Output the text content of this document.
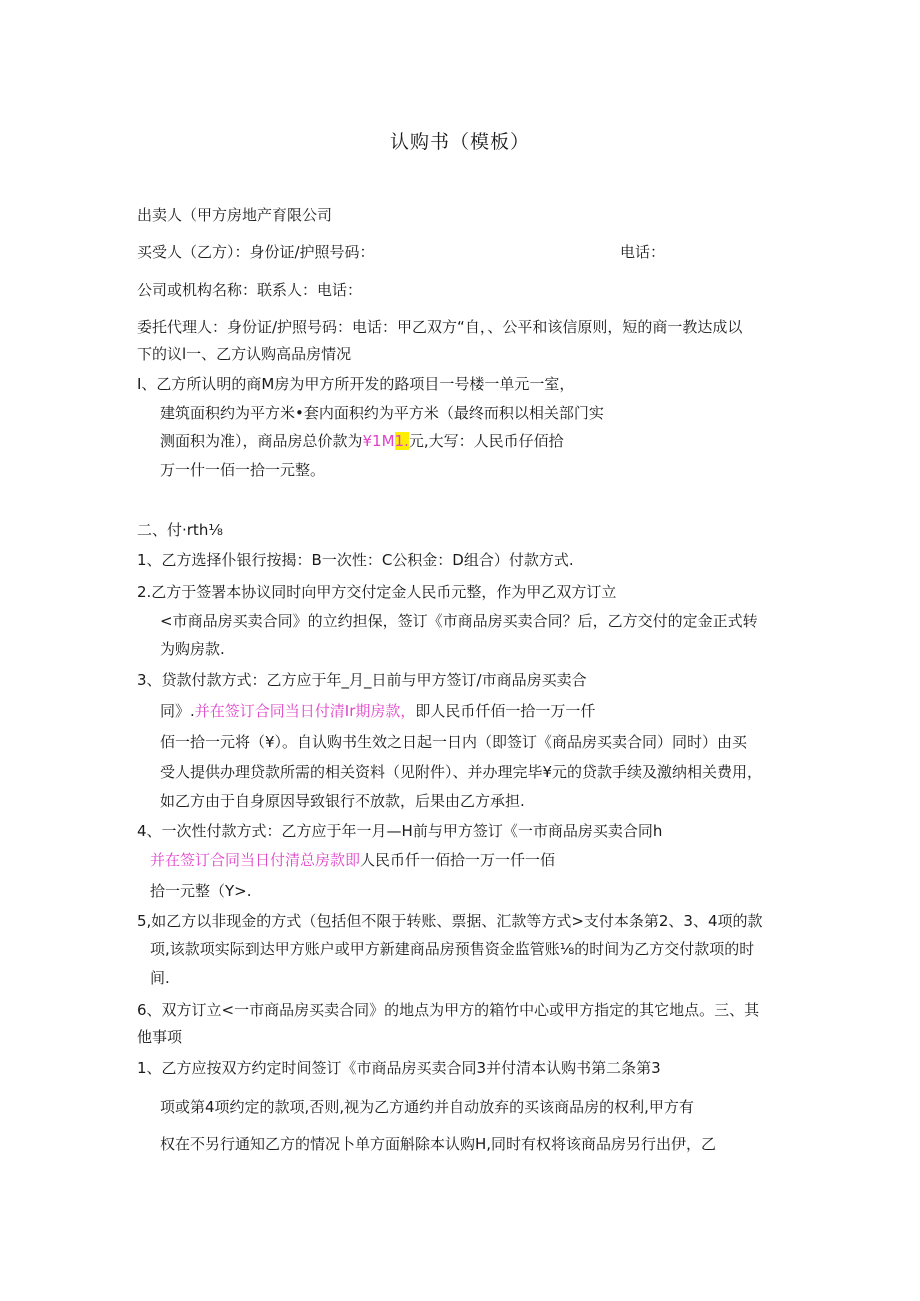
认购书（模板）
出卖人（甲方房地产育限公司
买受人（乙方）：身份证/护照号码：	电话：
公司或机构名称：联系人：电话：
委托代理人：身份证/护照号码：电话：甲乙双方“自，、公平和该信原则，短的商一教达成以
下的议l一、乙方认购高品房情况
I、乙方所认明的商M房为甲方所开发的路项目一号楼一单元一室，
建筑面积约为平方米•套内面积约为平方米（最终而积以相关部门实
测面积为准），商品房总价款为¥1M1.元,大写：人民币仔佰拾
万一什一佰一拾一元整。
二、付·rth⅛
1、乙方选择仆银行按揭：B一次性：C公积金：D组合）付款方式.
2.乙方于签署本协议同时向甲方交付定金人民币元整，作为甲乙双方订立
<市商品房买卖合同》的立约担保，签订《市商品房买卖合同？后，乙方交付的定金正式转
为购房款.
3、贷款付款方式：乙方应于年_月_日前与甲方签订/市商品房买卖合
同》.并在签订合同当日付清Ir期房款，即人民币仟佰一拾一万一仟
佰一拾一元将（¥）。自认购书生效之日起一日内（即签订《商品房买卖合同）同时）由买
受人提供办理贷款所需的相关资料（见附件）、并办理完毕¥元的贷款手续及激纳相关费用，
如乙方由于自身原因导致银行不放款，后果由乙方承担.
4、一次性付款方式：乙方应于年一月—H前与甲方签订《一市商品房买卖合同h
并在签订合同当日付清总房款即人民币仟一佰拾一万一仟一佰
拾一元整（Y>.
5,如乙方以非现金的方式（包括但不限于转账、票据、汇款等方式>支付本条第2、3、4项的款
项,该款项实际到达甲方账户或甲方新建商品房预售资金监管账⅛的时间为乙方交付款项的时
间.
6、双方订立<一市商品房买卖合同》的地点为甲方的箱竹中心或甲方指定的其它地点。三、其
他事项
1、乙方应按双方约定时间签订《市商品房买卖合同3并付清本认购书第二条第3
项或第4项约定的款项,否则,视为乙方通约并自动放弃的买该商品房的权利,甲方有
权在不另行通知乙方的情况卜单方面斛除本认购H,同时有权将该商品房另行出伊，乙
